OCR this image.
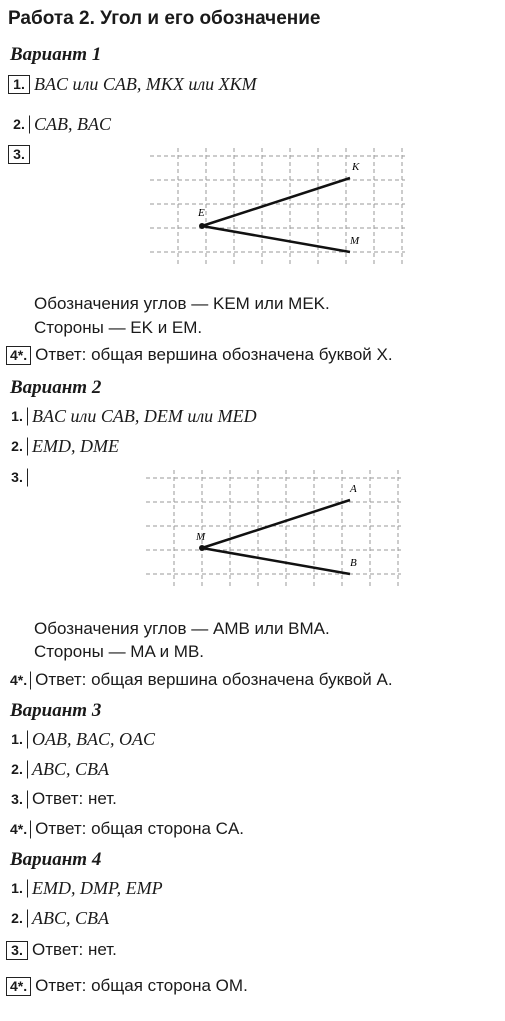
Работа 2. Угол и его обозначение
Вариант 1
1. BAC или CAB, MKX или XKM
2. CAB, BAC
3.
E
K
M
Обозначения углов — KEM или MEK.
Стороны — EK и EM.
4*. Ответ: общая вершина обозначена буквой X.
Вариант 2
1. BAC или CAB, DEM или MED
2. EMD, DME
3.
M
A
B
Обозначения углов — AMB или BMA.
Стороны — MA и MB.
4*. Ответ: общая вершина обозначена буквой A.
Вариант 3
1. OAB, BAC, OAC
2. ABC, CBA
3. Ответ: нет.
4*. Ответ: общая сторона CA.
Вариант 4
1. EMD, DMP, EMP
2. ABC, CBA
3. Ответ: нет.
4*. Ответ: общая сторона OM.
